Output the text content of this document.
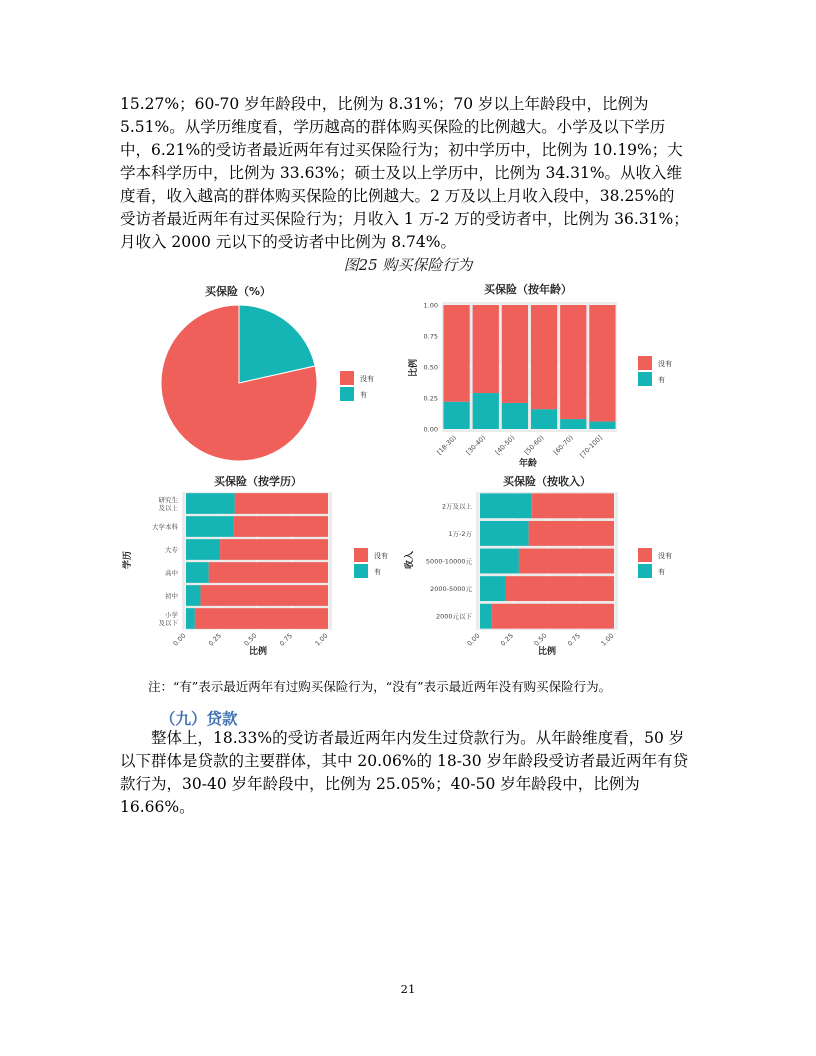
15.27%；60-70 岁年龄段中，比例为 8.31%；70 岁以上年龄段中，比例为
5.51%。从学历维度看，学历越高的群体购买保险的比例越大。小学及以下学历
中，6.21%的受访者最近两年有过买保险行为；初中学历中，比例为 10.19%；大
学本科学历中，比例为 33.63%；硕士及以上学历中，比例为 34.31%。从收入维
度看，收入越高的群体购买保险的比例越大。2 万及以上月收入段中，38.25%的
受访者最近两年有过买保险行为；月收入 1 万-2 万的受访者中，比例为 36.31%；
月收入 2000 元以下的受访者中比例为 8.74%。
图25 购买保险行为
买保险（%）
没有
有
买保险（按年龄）
比例
年龄
没有
有
0.00
0.25
0.50
0.75
1.00
[18-30) [30-40) [40-50) [50-60) [60-70) [70-100]
买保险（按学历）
学历
比例
没有
有
0.00	0.25	0.50	0.75	1.00
研究生及以上
大学本科
大专
高中
初中
小学及以下
买保险（按收入）
收入
比例
没有
有
0.00	0.25	0.50	0.75	1.00
2万及以上
1万-2万
5000-10000元
2000-5000元
2000元以下
注：“有”表示最近两年有过购买保险行为，“没有”表示最近两年没有购买保险行为。
（九）贷款
　　整体上，18.33%的受访者最近两年内发生过贷款行为。从年龄维度看，50 岁
以下群体是贷款的主要群体，其中 20.06%的 18-30 岁年龄段受访者最近两年有贷
款行为，30-40 岁年龄段中，比例为 25.05%；40-50 岁年龄段中，比例为
16.66%。
21
